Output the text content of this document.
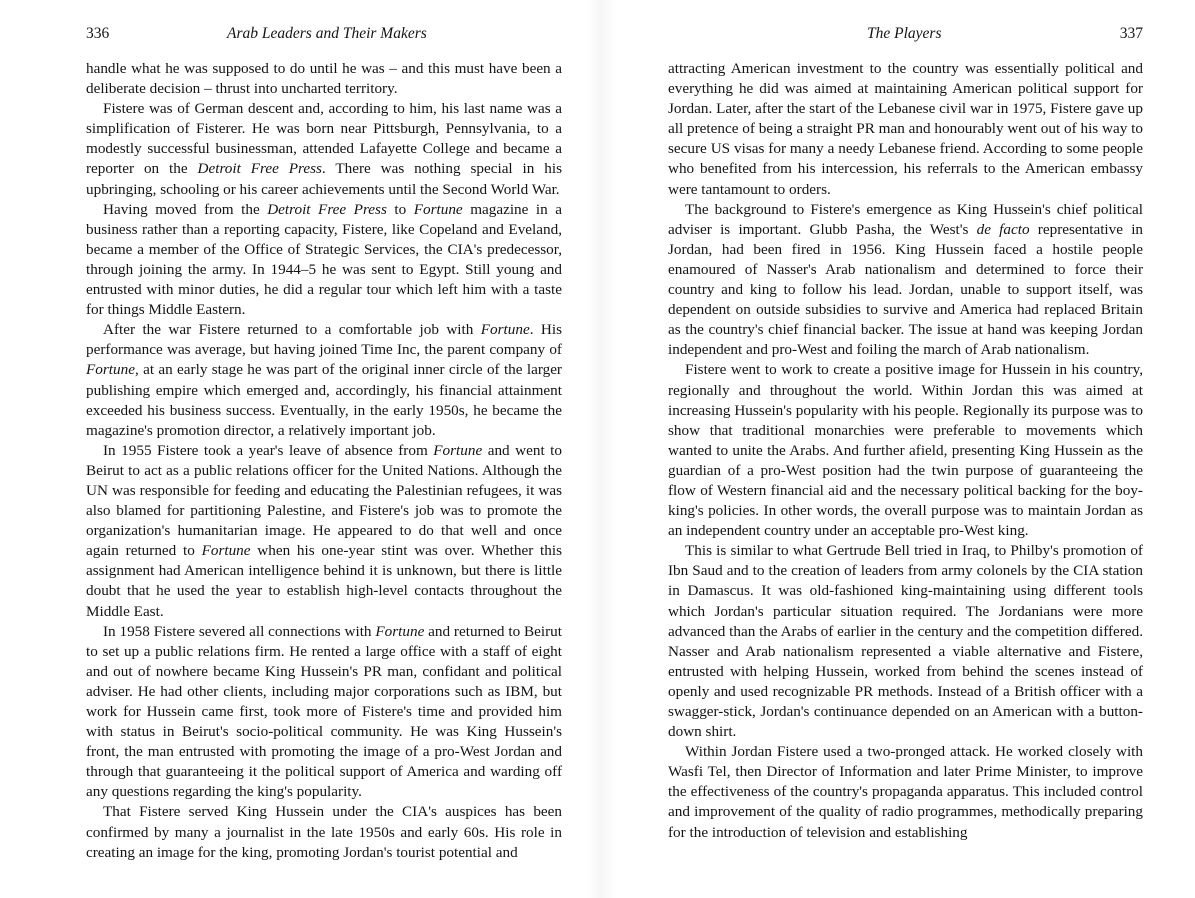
336	Arab Leaders and Their Makers

handle what he was supposed to do until he was – and this must have been a deliberate decision – thrust into uncharted territory.

Fistere was of German descent and, according to him, his last name was a simplification of Fisterer. He was born near Pittsburgh, Pennsylvania, to a modestly successful businessman, attended Lafayette College and became a reporter on the Detroit Free Press. There was nothing special in his upbringing, schooling or his career achievements until the Second World War.

Having moved from the Detroit Free Press to Fortune magazine in a business rather than a reporting capacity, Fistere, like Copeland and Eveland, became a member of the Office of Strategic Services, the CIA's predecessor, through joining the army. In 1944–5 he was sent to Egypt. Still young and entrusted with minor duties, he did a regular tour which left him with a taste for things Middle Eastern.

After the war Fistere returned to a comfortable job with Fortune. His performance was average, but having joined Time Inc, the parent company of Fortune, at an early stage he was part of the original inner circle of the larger publishing empire which emerged and, accordingly, his financial attainment exceeded his business success. Eventually, in the early 1950s, he became the magazine's promotion director, a relatively important job.

In 1955 Fistere took a year's leave of absence from Fortune and went to Beirut to act as a public relations officer for the United Nations. Although the UN was responsible for feeding and educating the Palestinian refugees, it was also blamed for partitioning Palestine, and Fistere's job was to promote the organization's humanitarian image. He appeared to do that well and once again returned to Fortune when his one-year stint was over. Whether this assignment had American intelligence behind it is unknown, but there is little doubt that he used the year to establish high-level contacts throughout the Middle East.

In 1958 Fistere severed all connections with Fortune and returned to Beirut to set up a public relations firm. He rented a large office with a staff of eight and out of nowhere became King Hussein's PR man, confidant and political adviser. He had other clients, including major corporations such as IBM, but work for Hussein came first, took more of Fistere's time and provided him with status in Beirut's socio-political community. He was King Hussein's front, the man entrusted with promoting the image of a pro-West Jordan and through that guaranteeing it the political support of America and warding off any questions regarding the king's popularity.

That Fistere served King Hussein under the CIA's auspices has been confirmed by many a journalist in the late 1950s and early 60s. His role in creating an image for the king, promoting Jordan's tourist potential and

The Players	337

attracting American investment to the country was essentially political and everything he did was aimed at maintaining American political support for Jordan. Later, after the start of the Lebanese civil war in 1975, Fistere gave up all pretence of being a straight PR man and honourably went out of his way to secure US visas for many a needy Lebanese friend. According to some people who benefited from his intercession, his referrals to the American embassy were tantamount to orders.

The background to Fistere's emergence as King Hussein's chief political adviser is important. Glubb Pasha, the West's de facto representative in Jordan, had been fired in 1956. King Hussein faced a hostile people enamoured of Nasser's Arab nationalism and determined to force their country and king to follow his lead. Jordan, unable to support itself, was dependent on outside subsidies to survive and America had replaced Britain as the country's chief financial backer. The issue at hand was keeping Jordan independent and pro-West and foiling the march of Arab nationalism.

Fistere went to work to create a positive image for Hussein in his country, regionally and throughout the world. Within Jordan this was aimed at increasing Hussein's popularity with his people. Regionally its purpose was to show that traditional monarchies were preferable to movements which wanted to unite the Arabs. And further afield, presenting King Hussein as the guardian of a pro-West position had the twin purpose of guaranteeing the flow of Western financial aid and the necessary political backing for the boy-king's policies. In other words, the overall purpose was to maintain Jordan as an independent country under an acceptable pro-West king.

This is similar to what Gertrude Bell tried in Iraq, to Philby's promotion of Ibn Saud and to the creation of leaders from army colonels by the CIA station in Damascus. It was old-fashioned king-maintaining using different tools which Jordan's particular situation required. The Jordanians were more advanced than the Arabs of earlier in the century and the competition differed. Nasser and Arab nationalism represented a viable alternative and Fistere, entrusted with helping Hussein, worked from behind the scenes instead of openly and used recognizable PR methods. Instead of a British officer with a swagger-stick, Jordan's continuance depended on an American with a button-down shirt.

Within Jordan Fistere used a two-pronged attack. He worked closely with Wasfi Tel, then Director of Information and later Prime Minister, to improve the effectiveness of the country's propaganda apparatus. This included control and improvement of the quality of radio programmes, methodically preparing for the introduction of television and establishing
